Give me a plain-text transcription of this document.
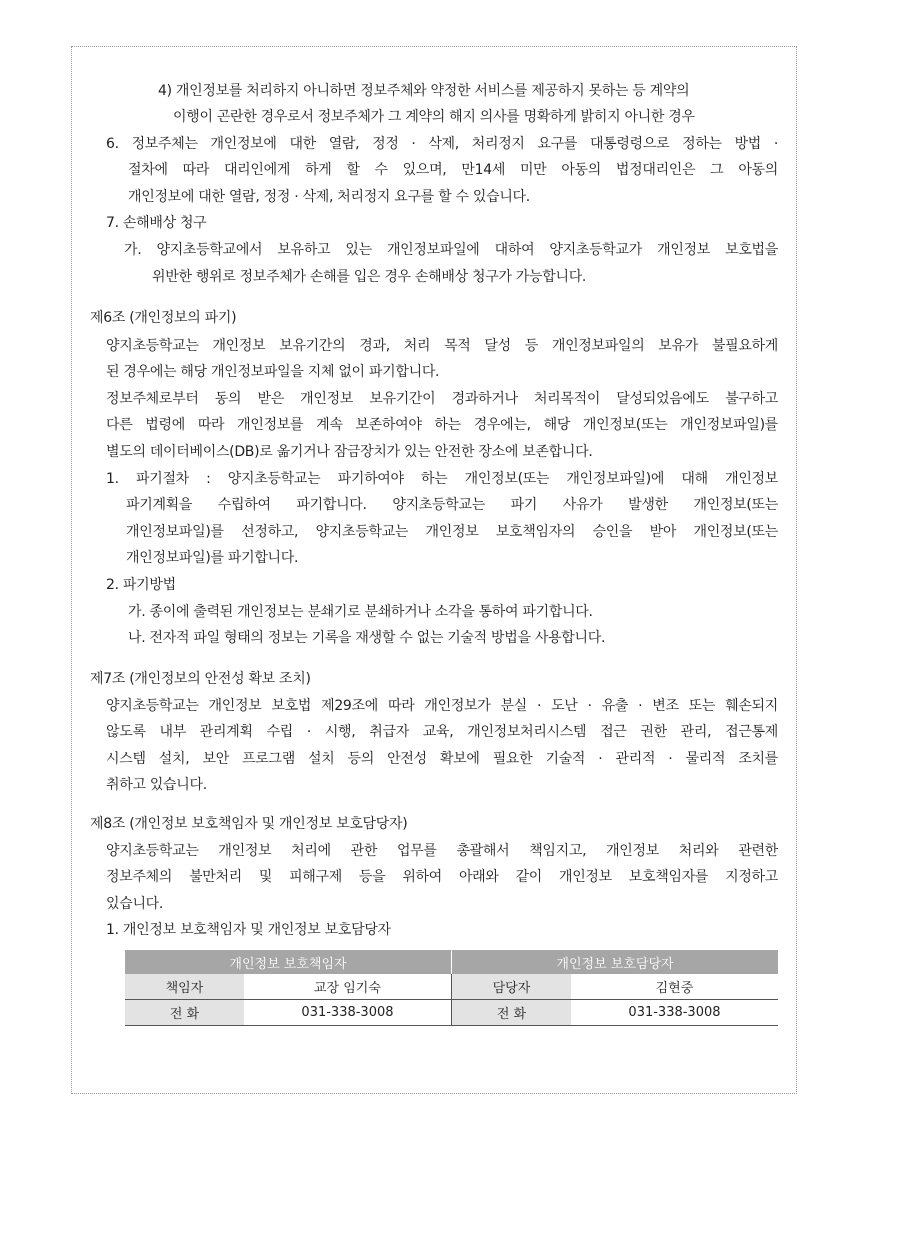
4) 개인정보를 처리하지 아니하면 정보주체와 약정한 서비스를 제공하지 못하는 등 계약의
이행이 곤란한 경우로서 정보주체가 그 계약의 해지 의사를 명확하게 밝히지 아니한 경우
6. 정보주체는 개인정보에 대한 열람, 정정 · 삭제, 처리정지 요구를 대통령령으로 정하는 방법 ·
절차에 따라 대리인에게 하게 할 수 있으며, 만14세 미만 아동의 법정대리인은 그 아동의
개인정보에 대한 열람, 정정 · 삭제, 처리정지 요구를 할 수 있습니다.
7. 손해배상 청구
가. 양지초등학교에서 보유하고 있는 개인정보파일에 대하여 양지초등학교가 개인정보 보호법을
위반한 행위로 정보주체가 손해를 입은 경우 손해배상 청구가 가능합니다.
제6조 (개인정보의 파기)
양지초등학교는 개인정보 보유기간의 경과, 처리 목적 달성 등 개인정보파일의 보유가 불필요하게
된 경우에는 해당 개인정보파일을 지체 없이 파기합니다.
정보주체로부터 동의 받은 개인정보 보유기간이 경과하거나 처리목적이 달성되었음에도 불구하고
다른 법령에 따라 개인정보를 계속 보존하여야 하는 경우에는, 해당 개인정보(또는 개인정보파일)를
별도의 데이터베이스(DB)로 옮기거나 잠금장치가 있는 안전한 장소에 보존합니다.
1. 파기절차 : 양지초등학교는 파기하여야 하는 개인정보(또는 개인정보파일)에 대해 개인정보
파기계획을 수립하여 파기합니다. 양지초등학교는 파기 사유가 발생한 개인정보(또는
개인정보파일)를 선정하고, 양지초등학교는 개인정보 보호책임자의 승인을 받아 개인정보(또는
개인정보파일)를 파기합니다.
2. 파기방법
가. 종이에 출력된 개인정보는 분쇄기로 분쇄하거나 소각을 통하여 파기합니다.
나. 전자적 파일 형태의 정보는 기록을 재생할 수 없는 기술적 방법을 사용합니다.
제7조 (개인정보의 안전성 확보 조치)
양지초등학교는 개인정보 보호법 제29조에 따라 개인정보가 분실 · 도난 · 유출 · 변조 또는 훼손되지
않도록 내부 관리계획 수립 · 시행, 취급자 교육, 개인정보처리시스템 접근 권한 관리, 접근통제
시스템 설치, 보안 프로그램 설치 등의 안전성 확보에 필요한 기술적 · 관리적 · 물리적 조치를
취하고 있습니다.
제8조 (개인정보 보호책임자 및 개인정보 보호담당자)
양지초등학교는 개인정보 처리에 관한 업무를 총괄해서 책임지고, 개인정보 처리와 관련한
정보주체의 불만처리 및 피해구제 등을 위하여 아래와 같이 개인정보 보호책임자를 지정하고
있습니다.
1. 개인정보 보호책임자 및 개인정보 보호담당자
개인정보 보호책임자		개인정보 보호담당자	
책임자	교장 임기숙	담당자	김현중
전 화	031-338-3008	전 화	031-338-3008
